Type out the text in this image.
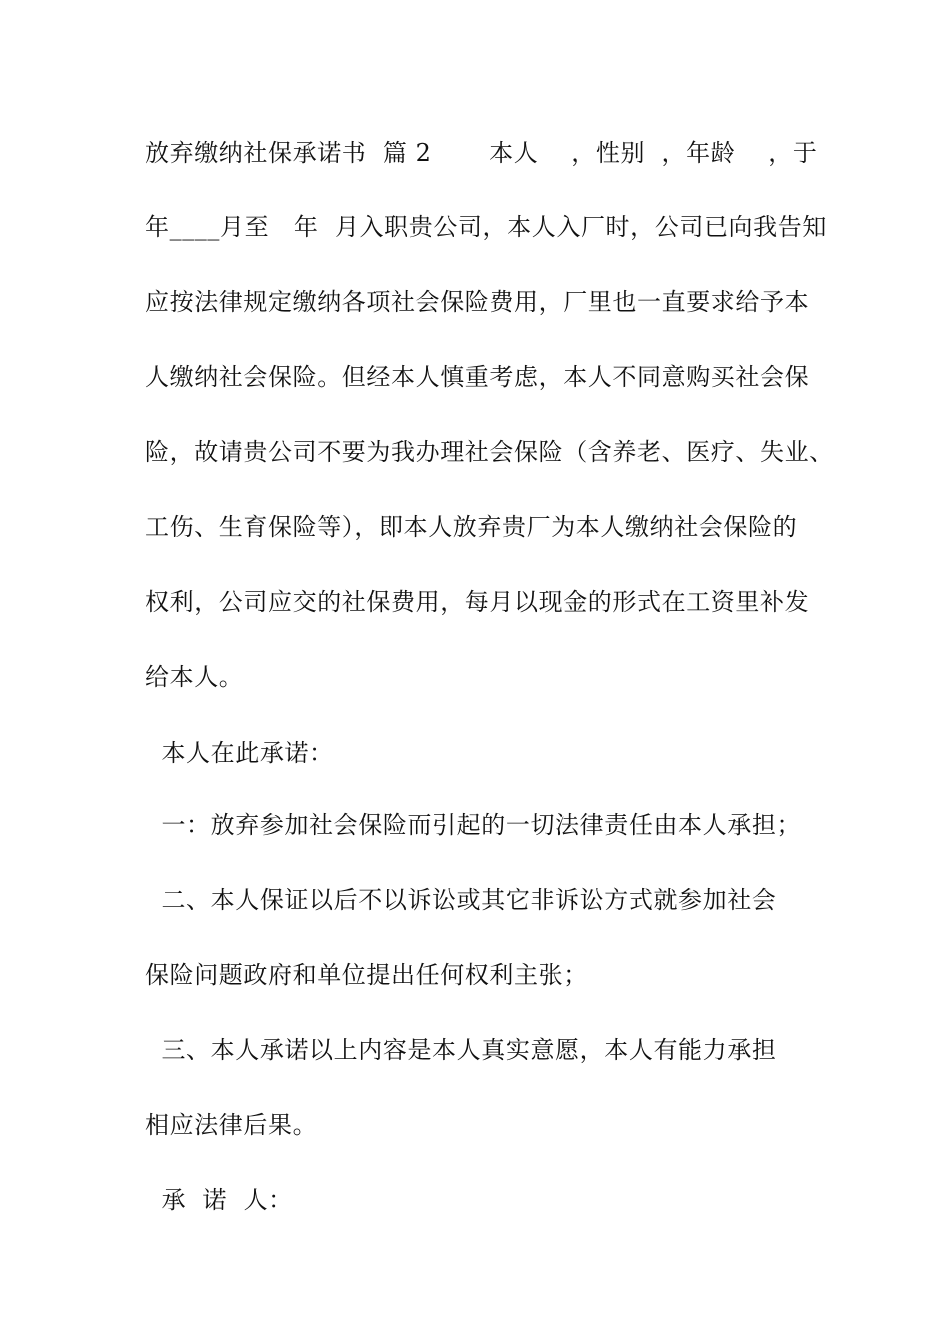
放弃缴纳社保承诺书  篇 2       本人    ，性别  ，年龄    ，于
年____月至   年  月入职贵公司，本人入厂时，公司已向我告知
应按法律规定缴纳各项社会保险费用，厂里也一直要求给予本
人缴纳社会保险。但经本人慎重考虑，本人不同意购买社会保
险，故请贵公司不要为我办理社会保险（含养老、医疗、失业、
工伤、生育保险等），即本人放弃贵厂为本人缴纳社会保险的
权利，公司应交的社保费用，每月以现金的形式在工资里补发
给本人。
本人在此承诺：
一：放弃参加社会保险而引起的一切法律责任由本人承担；
二、本人保证以后不以诉讼或其它非诉讼方式就参加社会
保险问题政府和单位提出任何权利主张；
三、本人承诺以上内容是本人真实意愿，本人有能力承担
相应法律后果。
承  诺  人：
